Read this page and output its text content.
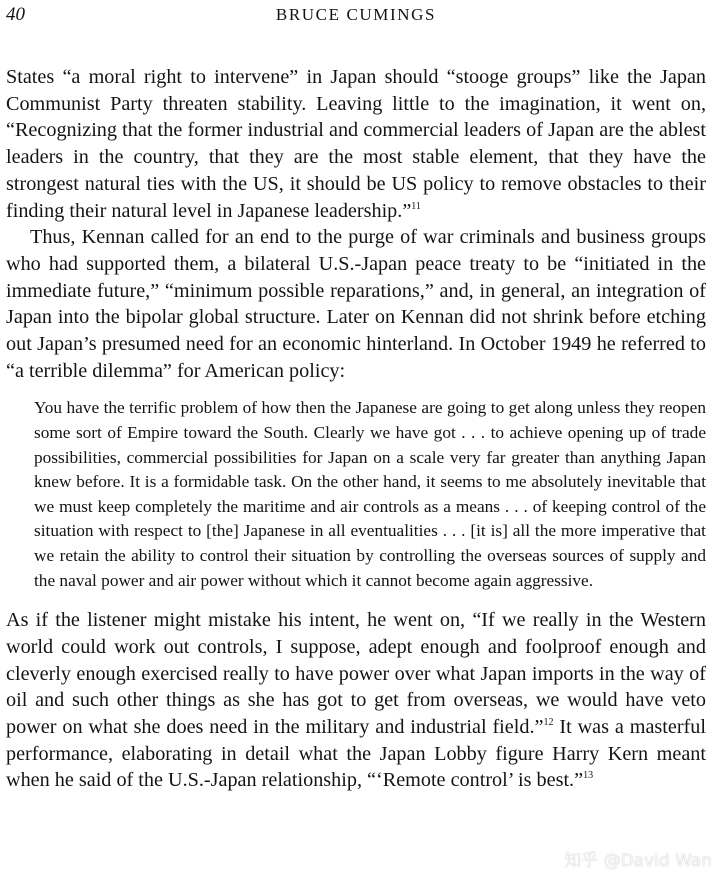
40	BRUCE CUMINGS

States “a moral right to intervene” in Japan should “stooge groups” like the Japan Communist Party threaten stability. Leaving little to the imagination, it went on, “Recognizing that the former industrial and commercial leaders of Japan are the ablest leaders in the country, that they are the most stable element, that they have the strongest natural ties with the US, it should be US policy to remove obstacles to their finding their natural level in Japanese leadership.”$^{11}$

Thus, Kennan called for an end to the purge of war criminals and business groups who had supported them, a bilateral U.S.-Japan peace treaty to be “initiated in the immediate future,” “minimum possible reparations,” and, in general, an integration of Japan into the bipolar global structure. Later on Kennan did not shrink before etching out Japan’s presumed need for an economic hinterland. In October 1949 he referred to “a terrible dilemma” for American policy:

You have the terrific problem of how then the Japanese are going to get along unless they reopen some sort of Empire toward the South. Clearly we have got . . . to achieve opening up of trade possibilities, commercial possibilities for Japan on a scale very far greater than anything Japan knew before. It is a formidable task. On the other hand, it seems to me absolutely inevitable that we must keep completely the maritime and air controls as a means . . . of keeping control of the situation with respect to [the] Japanese in all eventualities . . . [it is] all the more imperative that we retain the ability to control their situation by controlling the overseas sources of supply and the naval power and air power without which it cannot become again aggressive.

As if the listener might mistake his intent, he went on, “If we really in the Western world could work out controls, I suppose, adept enough and foolproof enough and cleverly enough exercised really to have power over what Japan imports in the way of oil and such other things as she has got to get from overseas, we would have veto power on what she does need in the military and industrial field.”$^{12}$ It was a masterful performance, elaborating in detail what the Japan Lobby figure Harry Kern meant when he said of the U.S.-Japan relationship, “‘Remote control’ is best.”$^{13}$

知乎 @David Wan
